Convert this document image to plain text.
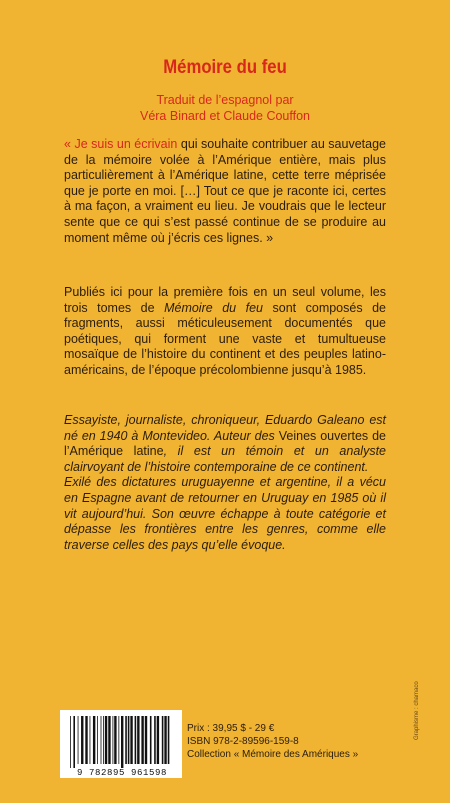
Mémoire du feu
Traduit de l’espagnol par
Véra Binard et Claude Couffon

« Je suis un écrivain qui souhaite contribuer au sauvetage de la mémoire volée à l’Amérique entière, mais plus particulièrement à l’Amérique latine, cette terre méprisée que je porte en moi. […] Tout ce que je raconte ici, certes à ma façon, a vraiment eu lieu. Je voudrais que le lecteur sente que ce qui s’est passé continue de se produire au moment même où j’écris ces lignes. »

Publiés ici pour la première fois en un seul volume, les trois tomes de Mémoire du feu sont composés de fragments, aussi méticuleusement documentés que poétiques, qui forment une vaste et tumultueuse mosaïque de l’histoire du continent et des peuples latino-américains, de l’époque précolombienne jusqu’à 1985.

Essayiste, journaliste, chroniqueur, Eduardo Galeano est né en 1940 à Montevideo. Auteur des Veines ouvertes de l’Amérique latine, il est un témoin et un analyste clairvoyant de l’histoire contemporaine de ce continent.

Exilé des dictatures uruguayenne et argentine, il a vécu en Espagne avant de retourner en Uruguay en 1985 où il vit aujourd’hui. Son œuvre échappe à toute catégorie et dépasse les frontières entre les genres, comme elle traverse celles des pays qu’elle évoque.

9 782895 961598
Prix : 39,95 $ - 29 €
ISBN 978-2-89596-159-8
Collection « Mémoire des Amériques »
Graphisme : chamaco
